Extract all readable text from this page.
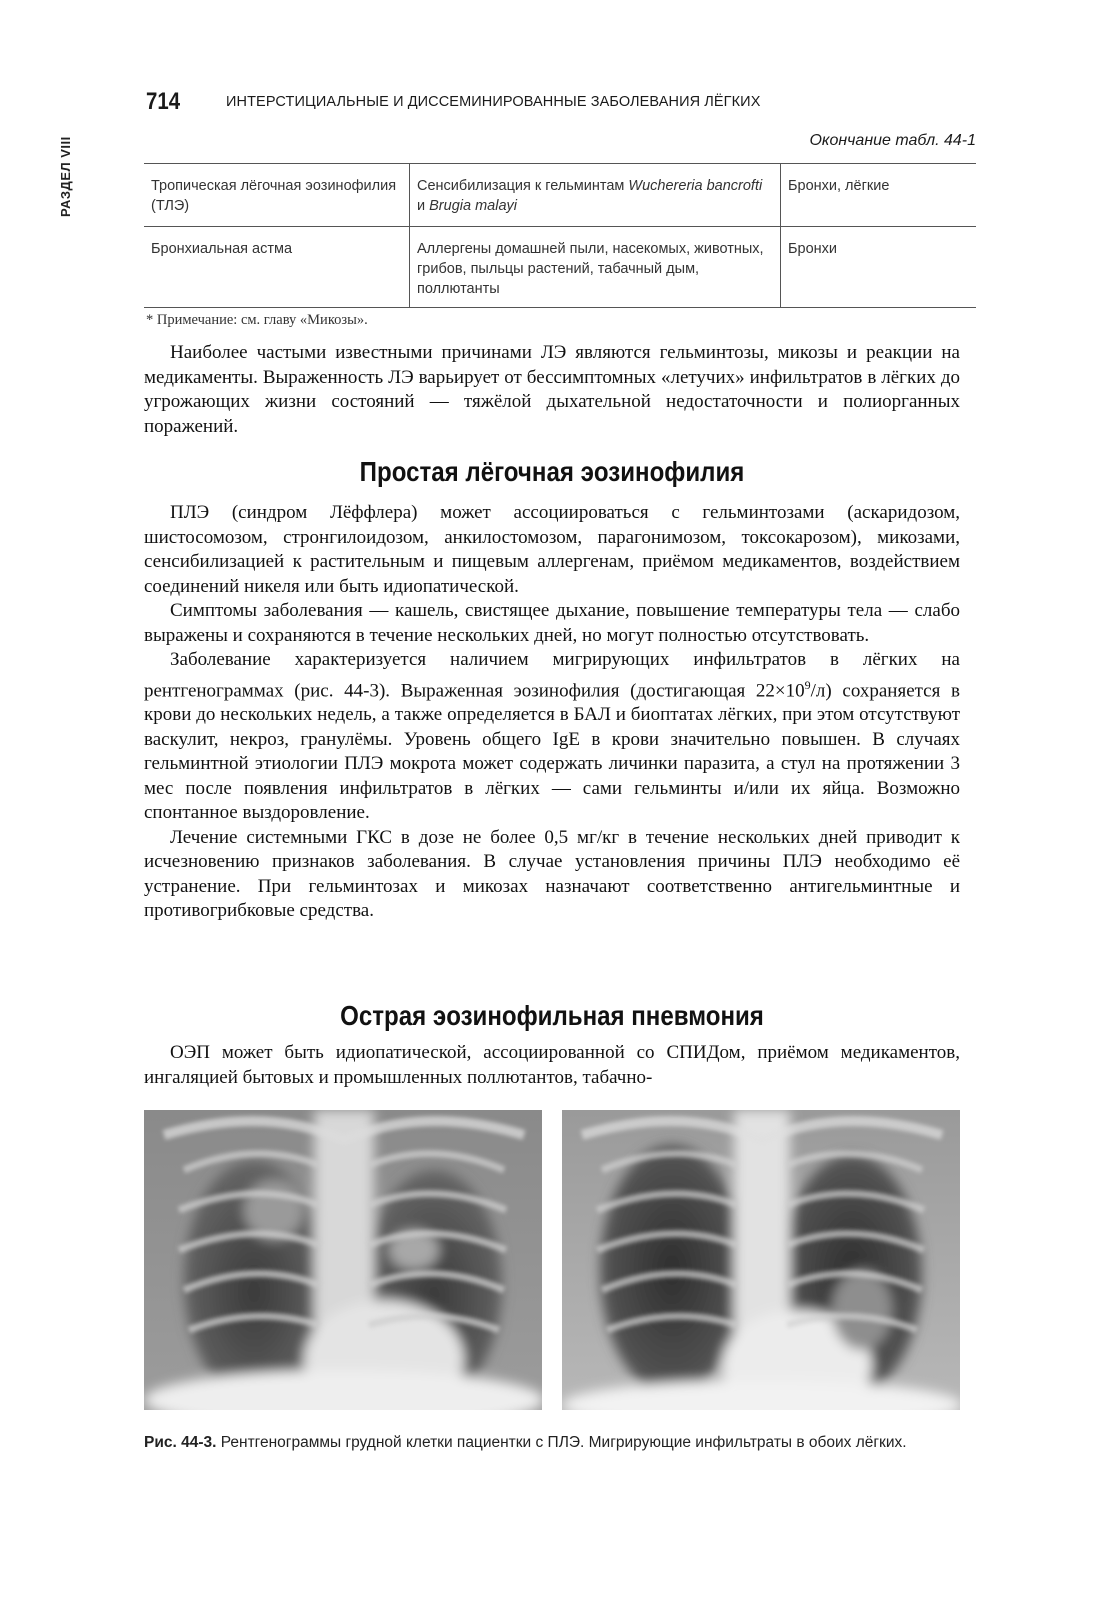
РАЗДЕЛ VIII
714	ИНТЕРСТИЦИАЛЬНЫЕ И ДИССЕМИНИРОВАННЫЕ ЗАБОЛЕВАНИЯ ЛЁГКИХ
Окончание табл. 44-1
Тропическая лёгочная эозинофилия (ТЛЭ)	Сенсибилизация к гельминтам Wuchereria bancrofti и Brugia malayi	Бронхи, лёгкие
Бронхиальная астма	Аллергены домашней пыли, насекомых, животных, грибов, пыльцы растений, табачный дым, поллютанты	Бронхи
* Примечание: см. главу «Микозы».

Наиболее частыми известными причинами ЛЭ являются гельминтозы, микозы и реакции на медикаменты. Выраженность ЛЭ варьирует от бессимптомных «летучих» инфильтратов в лёгких до угрожающих жизни состояний — тяжёлой дыхательной недостаточности и полиорганных поражений.

Простая лёгочная эозинофилия

ПЛЭ (синдром Лёффлера) может ассоциироваться с гельминтозами (аскаридозом, шистосомозом, стронгилоидозом, анкилостомозом, парагонимозом, токсокарозом), микозами, сенсибилизацией к растительным и пищевым аллергенам, приёмом медикаментов, воздействием соединений никеля или быть идиопатической.

Симптомы заболевания — кашель, свистящее дыхание, повышение температуры тела — слабо выражены и сохраняются в течение нескольких дней, но могут полностью отсутствовать.

Заболевание характеризуется наличием мигрирующих инфильтратов в лёгких на рентгенограммах (рис. 44-3). Выраженная эозинофилия (достигающая $22\times 10^9/л$) сохраняется в крови до нескольких недель, а также определяется в БАЛ и биоптатах лёгких, при этом отсутствуют васкулит, некроз, гранулёмы. Уровень общего IgE в крови значительно повышен. В случаях гельминтной этиологии ПЛЭ мокрота может содержать личинки паразита, а стул на протяжении 3 мес после появления инфильтратов в лёгких — сами гельминты и/или их яйца. Возможно спонтанное выздоровление.

Лечение системными ГКС в дозе не более 0,5 мг/кг в течение нескольких дней приводит к исчезновению признаков заболевания. В случае установления причины ПЛЭ необходимо её устранение. При гельминтозах и микозах назначают соответственно антигельминтные и противогрибковые средства.

Острая эозинофильная пневмония

ОЭП может быть идиопатической, ассоциированной со СПИДом, приёмом медикаментов, ингаляцией бытовых и промышленных поллютантов, табачно-

Рис. 44-3. Рентгенограммы грудной клетки пациентки с ПЛЭ. Мигрирующие инфильтраты в обоих лёгких.
